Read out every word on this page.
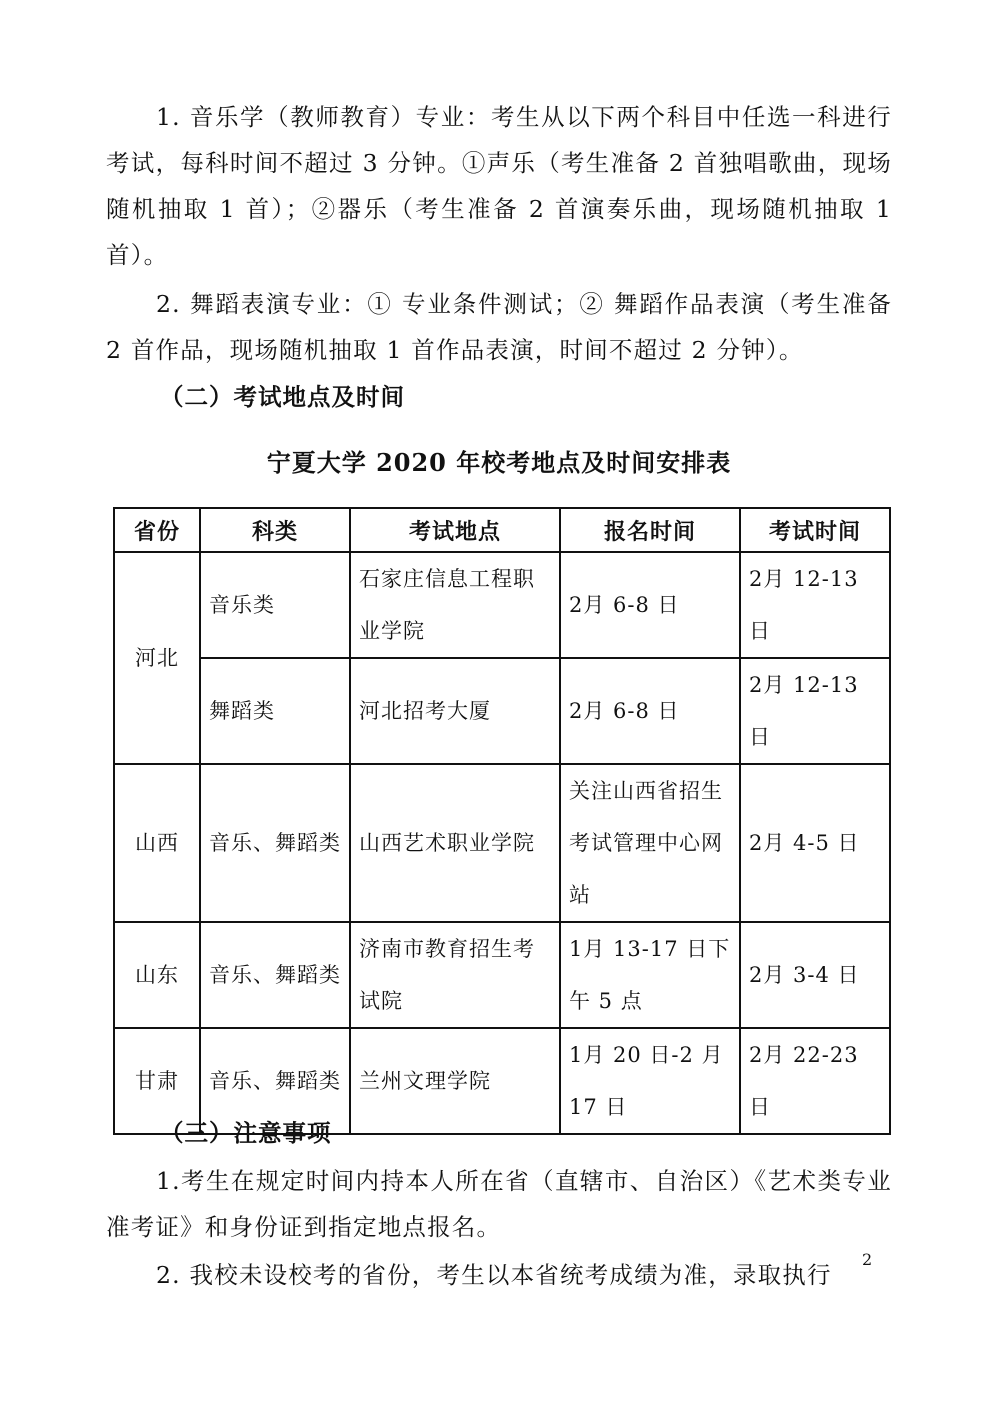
1. 音乐学（教师教育）专业：考生从以下两个科目中任选一科进行考试，每科时间不超过 3 分钟。①声乐（考生准备 2 首独唱歌曲，现场随机抽取 1 首）；②器乐（考生准备 2 首演奏乐曲，现场随机抽取 1 首）。

2. 舞蹈表演专业：① 专业条件测试；② 舞蹈作品表演（考生准备 2 首作品，现场随机抽取 1 首作品表演，时间不超过 2 分钟）。

（二）考试地点及时间
宁夏大学 2020 年校考地点及时间安排表
省份	科类	考试地点	报名时间	考试时间
河北	音乐类	石家庄信息工程职业学院	2月 6-8 日	2月 12-13 日
	舞蹈类	河北招考大厦	2月 6-8 日	2月 12-13 日
山西	音乐、舞蹈类	山西艺术职业学院	关注山西省招生考试管理中心网站	2月 4-5 日
山东	音乐、舞蹈类	济南市教育招生考试院	1月 13-17 日下午 5 点	2月 3-4 日
甘肃	音乐、舞蹈类	兰州文理学院	1月 20 日-2 月 17 日	2月 22-23 日
（三）注意事项

1.考生在规定时间内持本人所在省（直辖市、自治区）《艺术类专业准考证》和身份证到指定地点报名。

2. 我校未设校考的省份，考生以本省统考成绩为准，录取执行

2
